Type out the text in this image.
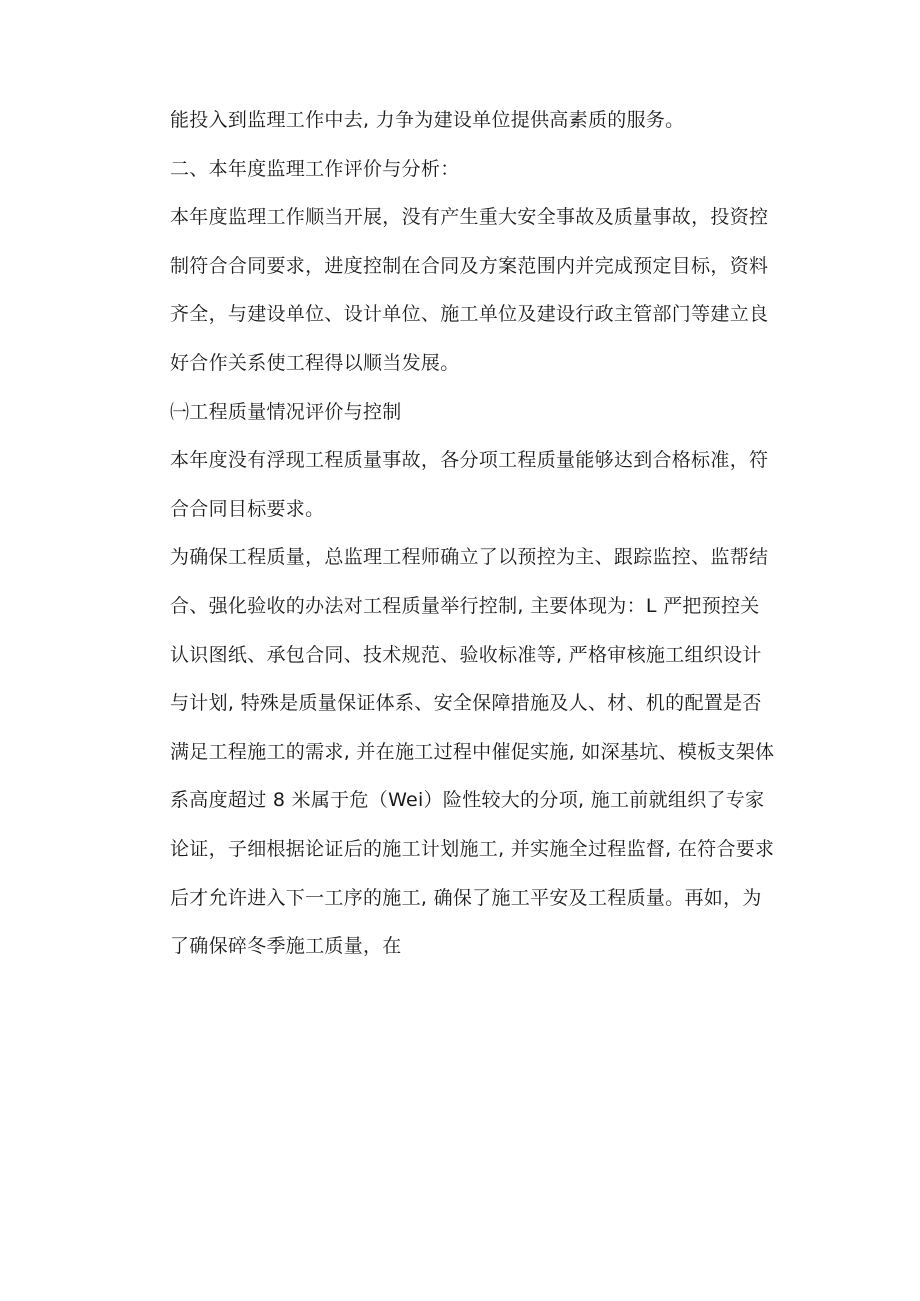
能投入到监理工作中去, 力争为建设单位提供高素质的服务。
二、本年度监理工作评价与分析：
本年度监理工作顺当开展，没有产生重大安全事故及质量事故，投资控
制符合合同要求，进度控制在合同及方案范围内并完成预定目标，资料
齐全，与建设单位、设计单位、施工单位及建设行政主管部门等建立良
好合作关系使工程得以顺当发展。
㈠工程质量情况评价与控制
本年度没有浮现工程质量事故，各分项工程质量能够达到合格标准，符
合合同目标要求。
为确保工程质量，总监理工程师确立了以预控为主、跟踪监控、监帮结
合、强化验收的办法对工程质量举行控制, 主要体现为：L 严把预控关
认识图纸、承包合同、技术规范、验收标准等, 严格审核施工组织设计
与计划, 特殊是质量保证体系、安全保障措施及人、材、机的配置是否
满足工程施工的需求, 并在施工过程中催促实施, 如深基坑、模板支架体
系高度超过 8 米属于危（Wei）险性较大的分项, 施工前就组织了专家
论证，子细根据论证后的施工计划施工, 并实施全过程监督, 在符合要求
后才允许进入下一工序的施工, 确保了施工平安及工程质量。再如，为
了确保碎冬季施工质量，在
